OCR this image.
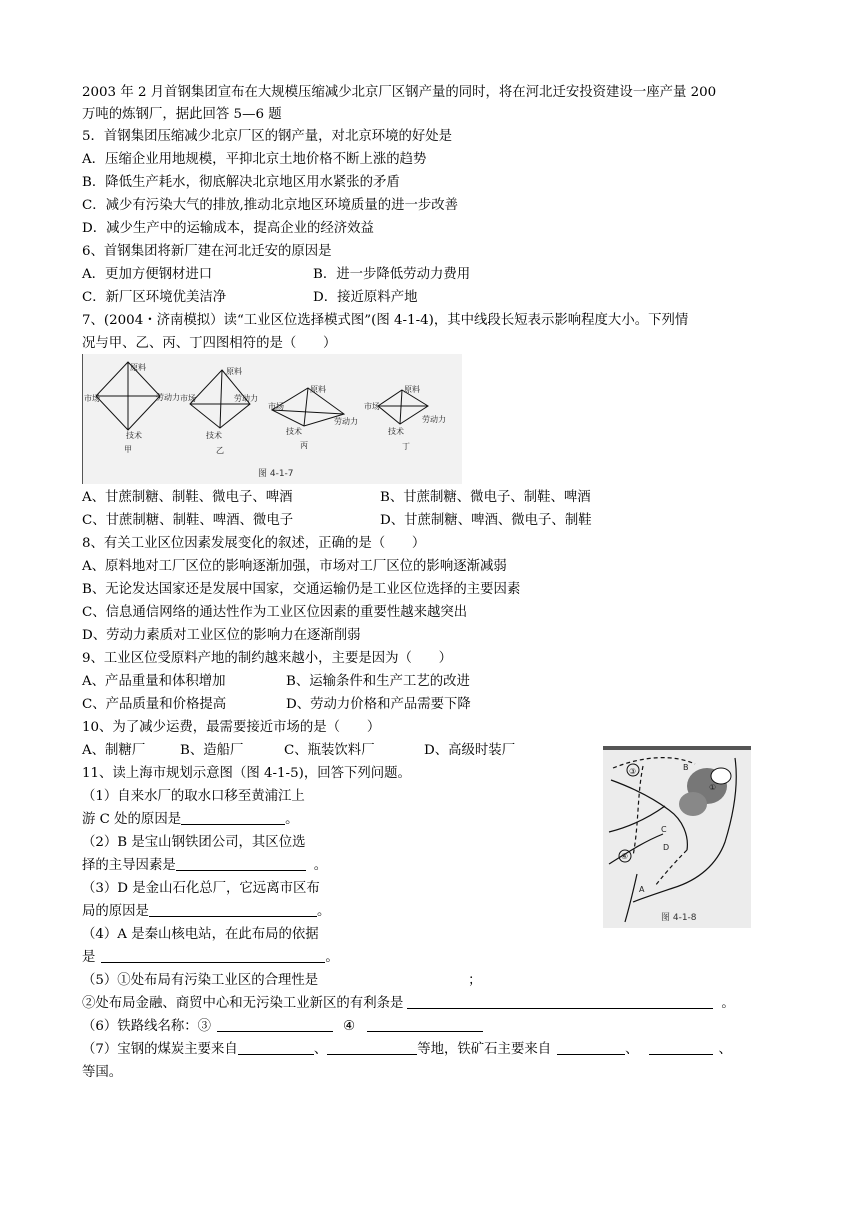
2003 年 2 月首钢集团宣布在大规模压缩减少北京厂区钢产量的同时，将在河北迁安投资建设一座产量 200
万吨的炼钢厂，据此回答 5—6 题
5．首钢集团压缩减少北京厂区的钢产量，对北京环境的好处是
A．压缩企业用地规模，平抑北京土地价格不断上涨的趋势
B．降低生产耗水，彻底解决北京地区用水紧张的矛盾
C．减少有污染大气的排放,推动北京地区环境质量的进一步改善
D．减少生产中的运输成本，提高企业的经济效益
6、首钢集团将新厂建在河北迁安的原因是
A．更加方便钢材进口	B．进一步降低劳动力费用
C．新厂区环境优美洁净	D．接近原料产地
7、(2004・济南模拟）读“工业区位选择模式图”(图 4-1-4)，其中线段长短表示影响程度大小。下列情
况与甲、乙、丙、丁四图相符的是（　　）
原料
市场	劳动力
技术
甲
原料
市场	劳动力
技术
乙
原料
市场
劳动力
技术
丙
原料
市场
劳动力
技术
丁
图 4-1-7
A、甘蔗制糖、制鞋、微电子、啤酒	B、甘蔗制糖、微电子、制鞋、啤酒
C、甘蔗制糖、制鞋、啤酒、微电子	D、甘蔗制糖、啤酒、微电子、制鞋
8、有关工业区位因素发展变化的叙述，正确的是（　　）
A、原料地对工厂区位的影响逐渐加强，市场对工厂区位的影响逐渐减弱
B、无论发达国家还是发展中国家，交通运输仍是工业区位选择的主要因素
C、信息通信网络的通达性作为工业区位因素的重要性越来越突出
D、劳动力素质对工业区位的影响力在逐渐削弱
9、工业区位受原料产地的制约越来越小，主要是因为（　　）
A、产品重量和体积增加	B、运输条件和生产工艺的改进
C、产品质量和价格提高	D、劳动力价格和产品需要下降
10、为了减少运费，最需要接近市场的是（　　）
A、制糖厂	B、造船厂	C、瓶装饮料厂	D、高级时装厂
③	B
①
C
D
④
A
图 4-1-8
11、读上海市规划示意图（图 4-1-5)，回答下列问题。
（1）自来水厂的取水口移至黄浦江上
游 C 处的原因是	。
（2）B 是宝山钢铁团公司，其区位选
择的主导因素是	。
（3）D 是金山石化总厂，它远离市区布
局的原因是	。
（4）A 是秦山核电站，在此布局的依据
是	。
（5）①处布局有污染工业区的合理性是	；
②处布局金融、商贸中心和无污染工业新区的有利条是	。
（6）铁路线名称：③	④
（7）宝钢的煤炭主要来自	、	等地，铁矿石主要来自	、	、
等国。
